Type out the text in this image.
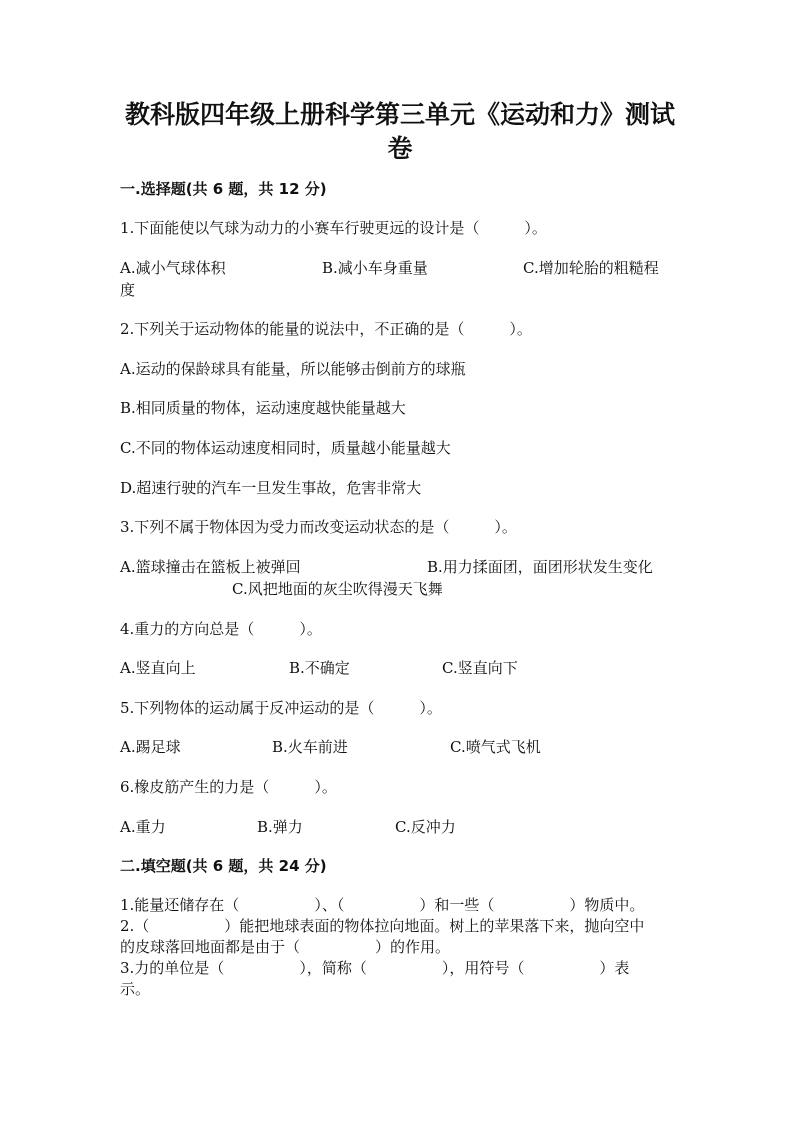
教科版四年级上册科学第三单元《运动和力》测试
卷
一.选择题(共 6 题，共 12 分)
1.下面能使以气球为动力的小赛车行驶更远的设计是（　　　）。
A.减小气球体积	B.减小车身重量	C.增加轮胎的粗糙程
度
2.下列关于运动物体的能量的说法中，不正确的是（　　　）。
A.运动的保龄球具有能量，所以能够击倒前方的球瓶
B.相同质量的物体，运动速度越快能量越大
C.不同的物体运动速度相同时，质量越小能量越大
D.超速行驶的汽车一旦发生事故，危害非常大
3.下列不属于物体因为受力而改变运动状态的是（　　　）。
A.篮球撞击在篮板上被弹回	B.用力揉面团，面团形状发生变化
C.风把地面的灰尘吹得漫天飞舞
4.重力的方向总是（　　　）。
A.竖直向上	B.不确定	C.竖直向下
5.下列物体的运动属于反冲运动的是（　　　）。
A.踢足球	B.火车前进	C.喷气式飞机
6.橡皮筋产生的力是（　　　）。
A.重力	B.弹力	C.反冲力
二.填空题(共 6 题，共 24 分)
1.能量还储存在（　　　　　）、（　　　　　）和一些（　　　　　）物质中。
2.（　　　　　）能把地球表面的物体拉向地面。树上的苹果落下来，抛向空中
的皮球落回地面都是由于（　　　　　）的作用。
3.力的单位是（　　　　　），简称（　　　　　），用符号（　　　　　）表
示。
